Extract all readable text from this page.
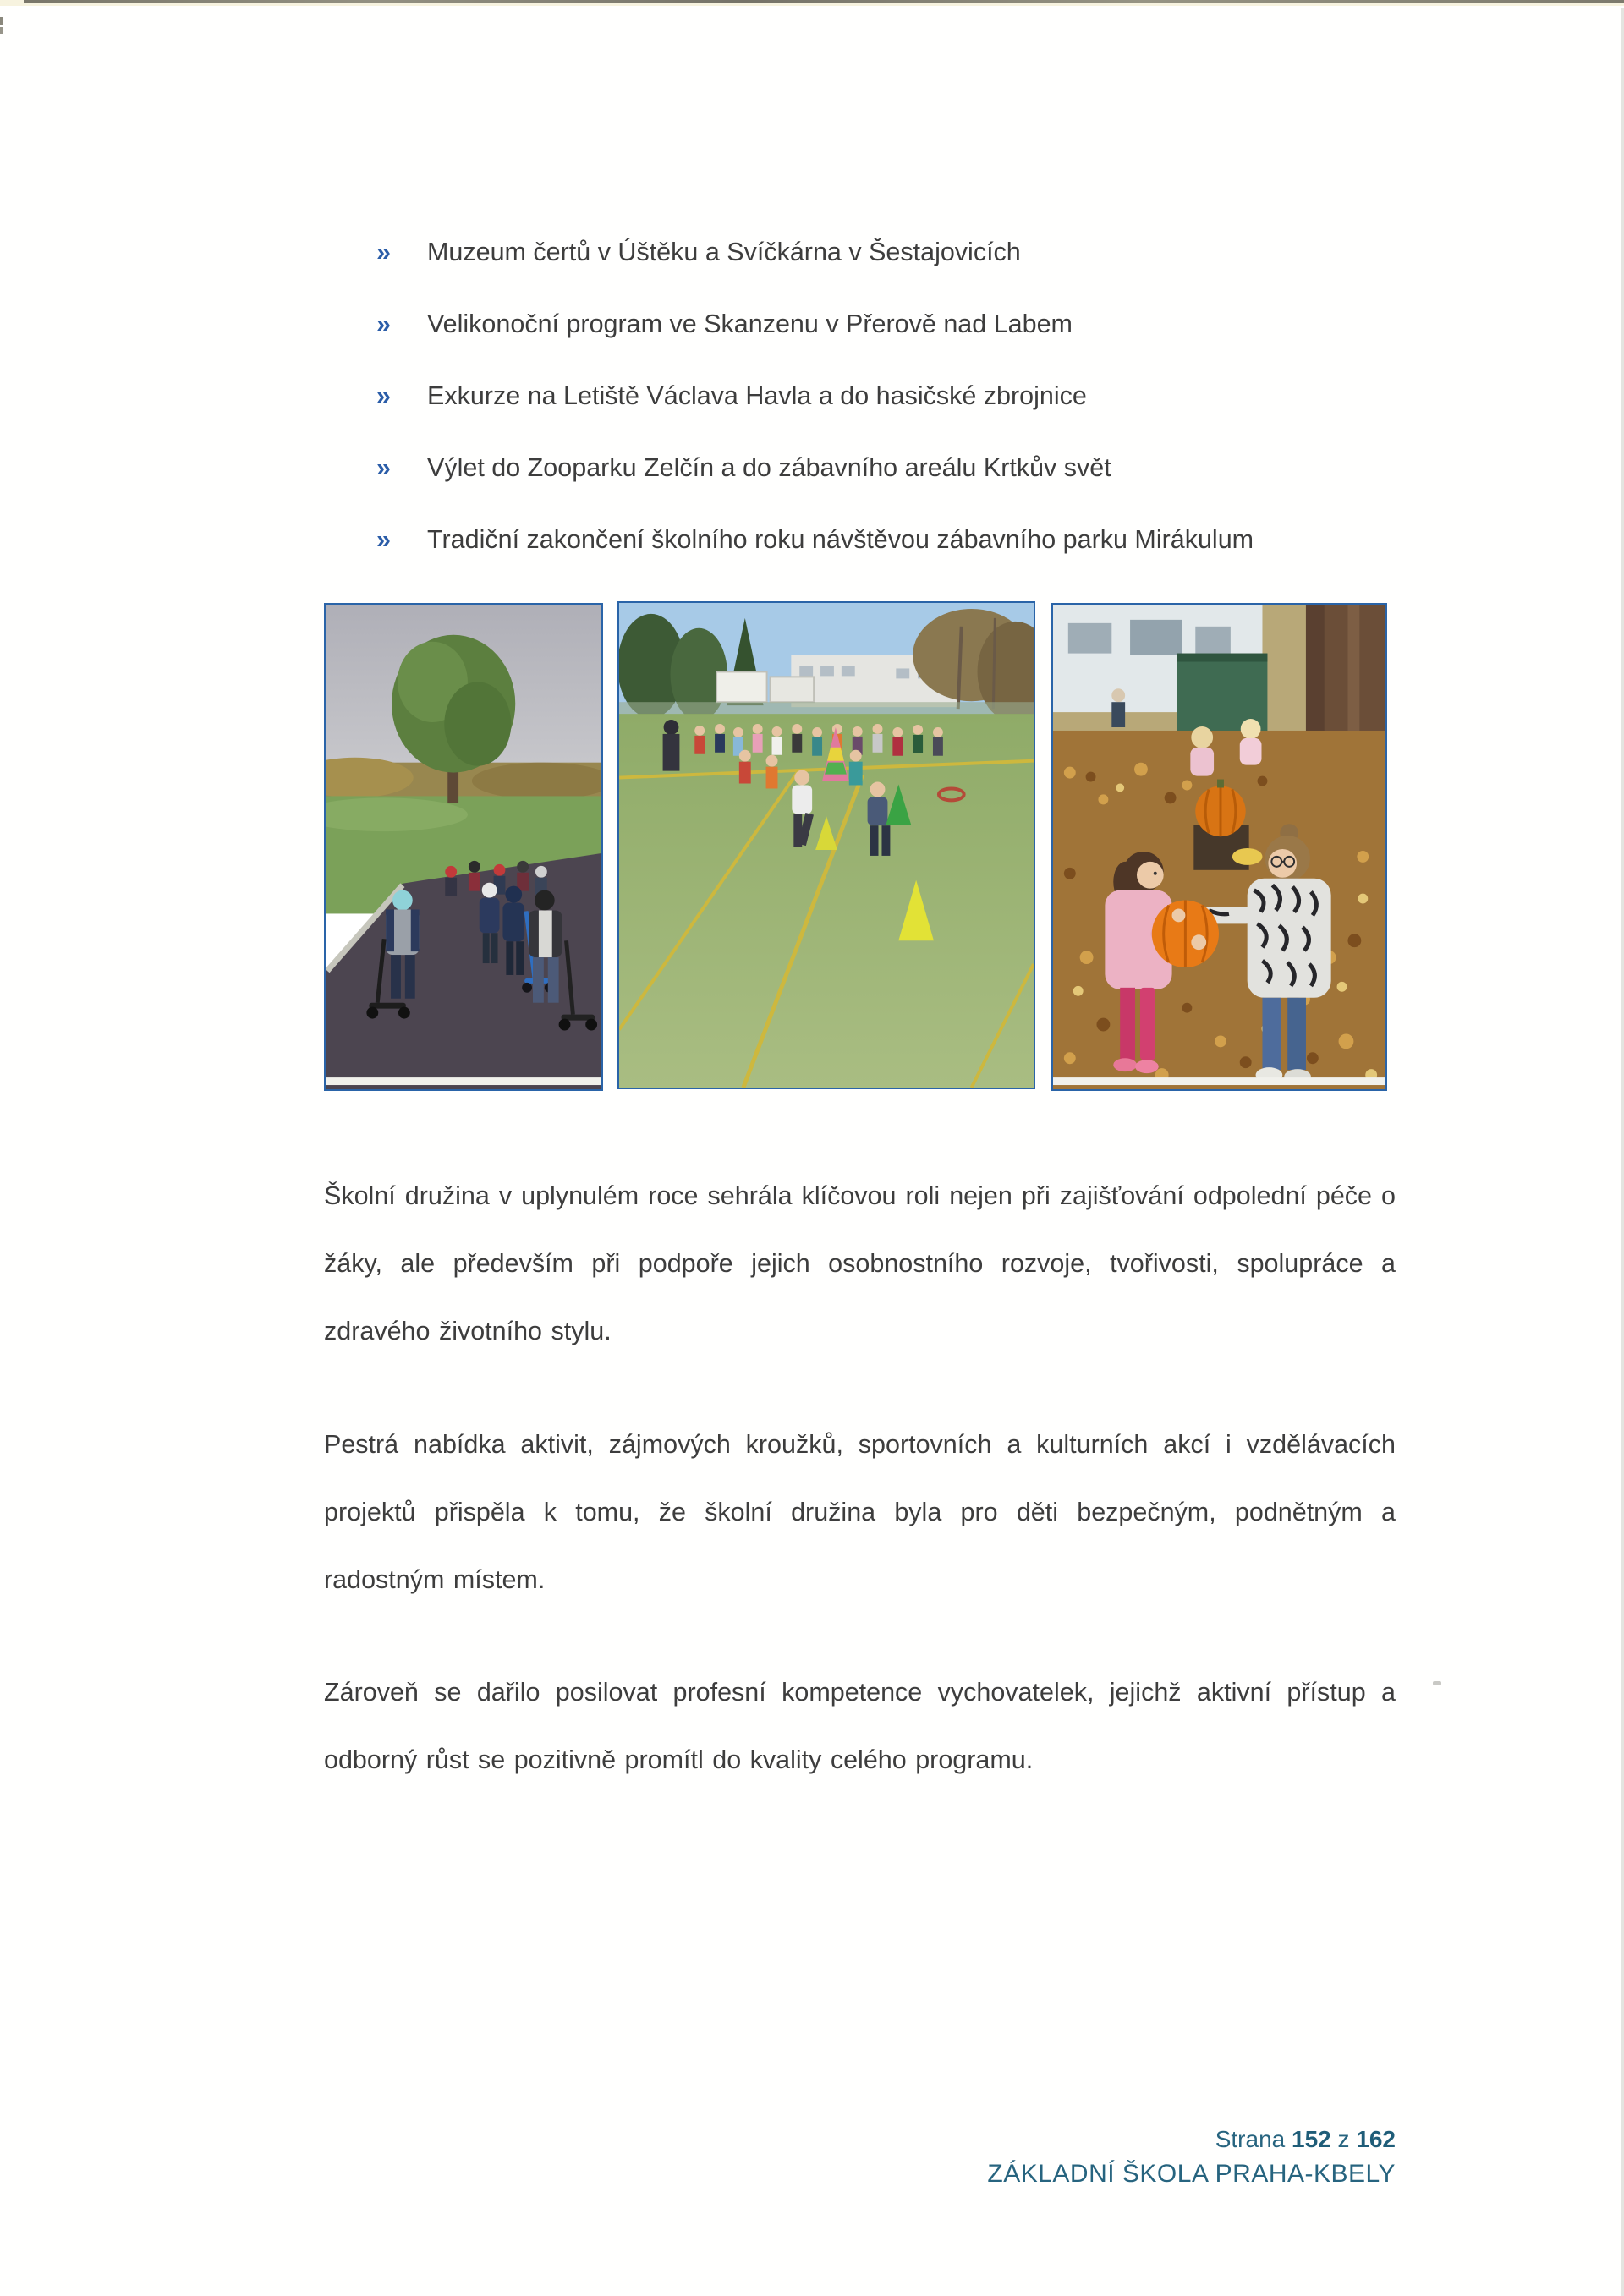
» Muzeum čertů v Úštěku a Svíčkárna v Šestajovicích
» Velikonoční program ve Skanzenu v Přerově nad Labem
» Exkurze na Letiště Václava Havla a do hasičské zbrojnice
» Výlet do Zooparku Zelčín a do zábavního areálu Krtkův svět
» Tradiční zakončení školního roku návštěvou zábavního parku Mirákulum

Školní družina v uplynulém roce sehrála klíčovou roli nejen při zajišťování odpolední péče o žáky, ale především při podpoře jejich osobnostního rozvoje, tvořivosti, spolupráce a zdravého životního stylu.

Pestrá nabídka aktivit, zájmových kroužků, sportovních a kulturních akcí i vzdělávacích projektů přispěla k tomu, že školní družina byla pro děti bezpečným, podnětným a radostným místem.

Zároveň se dařilo posilovat profesní kompetence vychovatelek, jejichž aktivní přístup a odborný růst se pozitivně promítl do kvality celého programu.

Strana 152 z 162
ZÁKLADNÍ ŠKOLA PRAHA-KBELY
